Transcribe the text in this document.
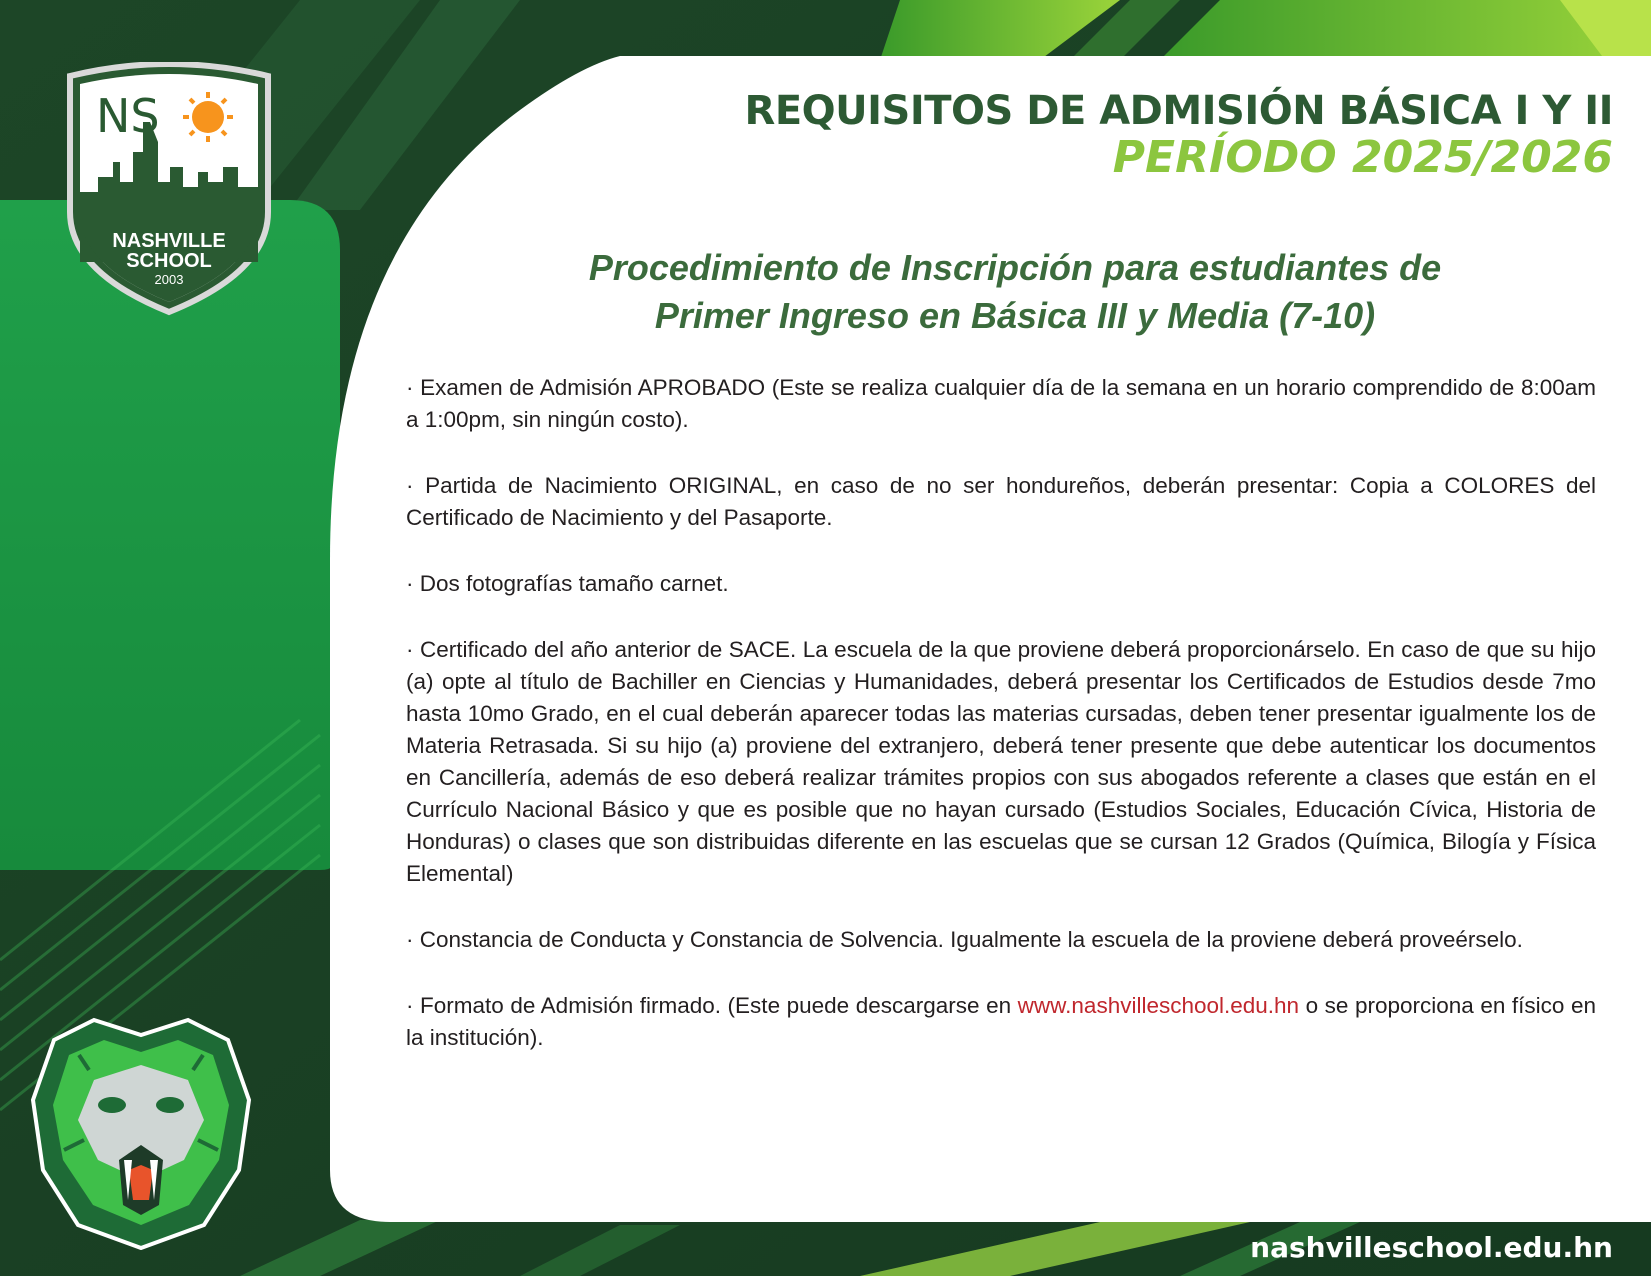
NS
NASHVILLE
SCHOOL
2003
REQUISITOS DE ADMISIÓN BÁSICA I Y II
PERÍODO 2025/2026
Procedimiento de Inscripción para estudiantes de
Primer Ingreso en Básica III y Media (7-10)

· Examen de Admisión APROBADO (Este se realiza cualquier día de la semana en un horario comprendido de 8:00am a 1:00pm, sin ningún costo).

· Partida de Nacimiento ORIGINAL, en caso de no ser hondureños, deberán presentar: Copia a COLORES del Certificado de Nacimiento y del Pasaporte.

· Dos fotografías tamaño carnet.

· Certificado del año anterior de SACE. La escuela de la que proviene deberá proporcionárselo. En caso de que su hijo (a) opte al título de Bachiller en Ciencias y Humanidades, deberá presentar los Certificados de Estudios desde 7mo hasta 10mo Grado, en el cual deberán aparecer todas las materias cursadas, deben tener presentar igualmente los de Materia Retrasada. Si su hijo (a) proviene del extranjero, deberá tener presente que debe autenticar los documentos en Cancillería, además de eso deberá realizar trámites propios con sus abogados referente a clases que están en el Currículo Nacional Básico y que es posible que no hayan cursado (Estudios Sociales, Educación Cívica, Historia de Honduras) o clases que son distribuidas diferente en las escuelas que se cursan 12 Grados (Química, Bilogía y Física Elemental)

· Constancia de Conducta y Constancia de Solvencia. Igualmente la escuela de la proviene deberá proveérselo.

· Formato de Admisión firmado. (Este puede descargarse en www.nashvilleschool.edu.hn o se proporciona en físico en la institución).

nashvilleschool.edu.hn
